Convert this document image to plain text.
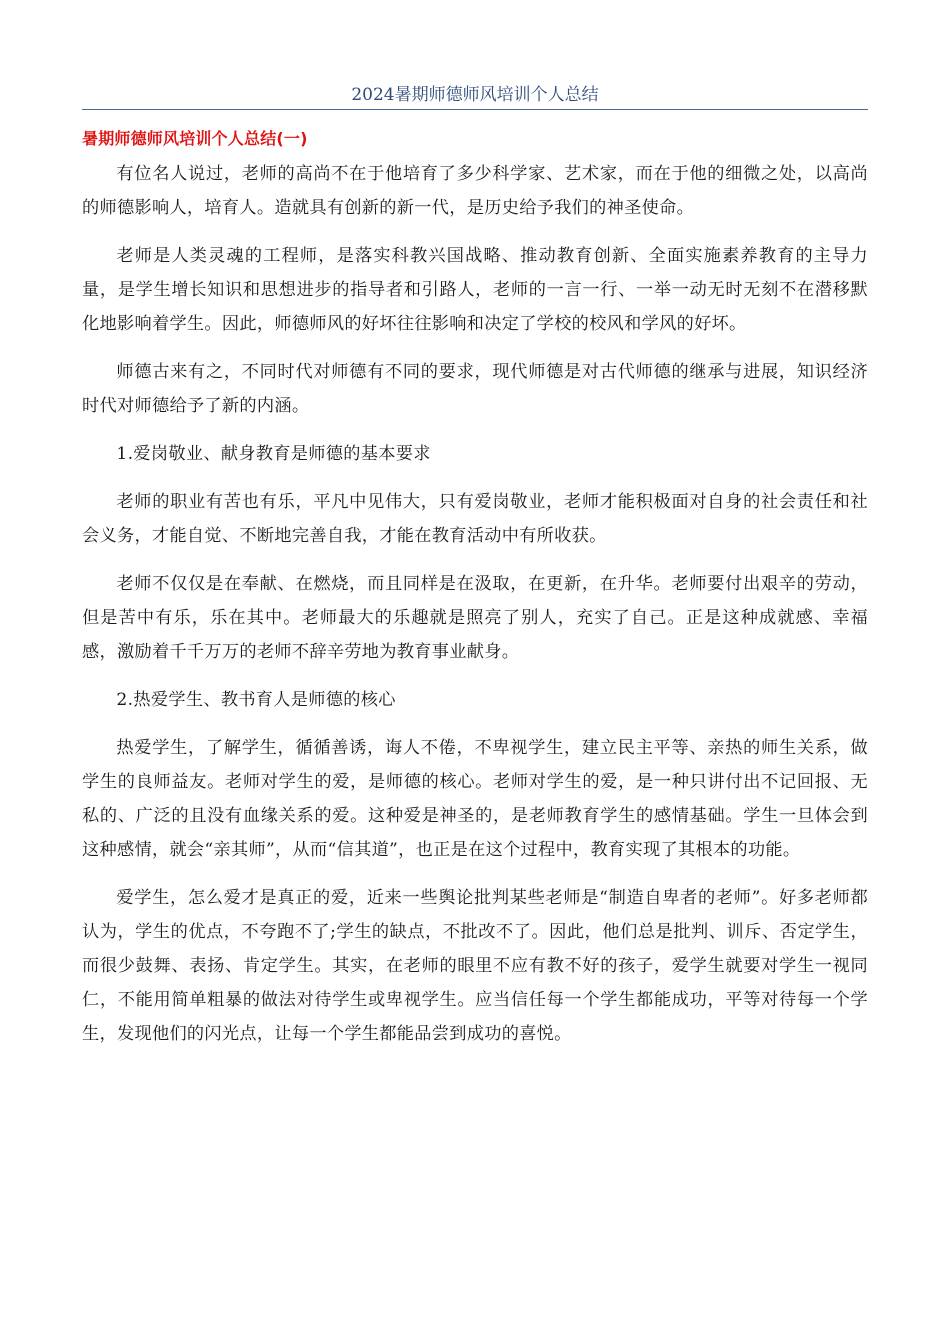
2024暑期师德师风培训个人总结
暑期师德师风培训个人总结(一)

有位名人说过，老师的高尚不在于他培育了多少科学家、艺术家，而在于他的细微之处，以高尚的师德影响人，培育人。造就具有创新的新一代，是历史给予我们的神圣使命。

老师是人类灵魂的工程师，是落实科教兴国战略、推动教育创新、全面实施素养教育的主导力量，是学生增长知识和思想进步的指导者和引路人，老师的一言一行、一举一动无时无刻不在潜移默化地影响着学生。因此，师德师风的好坏往往影响和决定了学校的校风和学风的好坏。

师德古来有之，不同时代对师德有不同的要求，现代师德是对古代师德的继承与进展，知识经济时代对师德给予了新的内涵。

1.爱岗敬业、献身教育是师德的基本要求

老师的职业有苦也有乐，平凡中见伟大，只有爱岗敬业，老师才能积极面对自身的社会责任和社会义务，才能自觉、不断地完善自我，才能在教育活动中有所收获。

老师不仅仅是在奉献、在燃烧，而且同样是在汲取，在更新，在升华。老师要付出艰辛的劳动，但是苦中有乐，乐在其中。老师最大的乐趣就是照亮了别人，充实了自己。正是这种成就感、幸福感，激励着千千万万的老师不辞辛劳地为教育事业献身。

2.热爱学生、教书育人是师德的核心

热爱学生，了解学生，循循善诱，诲人不倦，不卑视学生，建立民主平等、亲热的师生关系，做学生的良师益友。老师对学生的爱，是师德的核心。老师对学生的爱，是一种只讲付出不记回报、无私的、广泛的且没有血缘关系的爱。这种爱是神圣的，是老师教育学生的感情基础。学生一旦体会到这种感情，就会“亲其师”，从而“信其道”，也正是在这个过程中，教育实现了其根本的功能。

爱学生，怎么爱才是真正的爱，近来一些舆论批判某些老师是“制造自卑者的老师”。好多老师都认为，学生的优点，不夸跑不了;学生的缺点，不批改不了。因此，他们总是批判、训斥、否定学生，而很少鼓舞、表扬、肯定学生。其实，在老师的眼里不应有教不好的孩子，爱学生就要对学生一视同仁，不能用简单粗暴的做法对待学生或卑视学生。应当信任每一个学生都能成功，平等对待每一个学生，发现他们的闪光点，让每一个学生都能品尝到成功的喜悦。
